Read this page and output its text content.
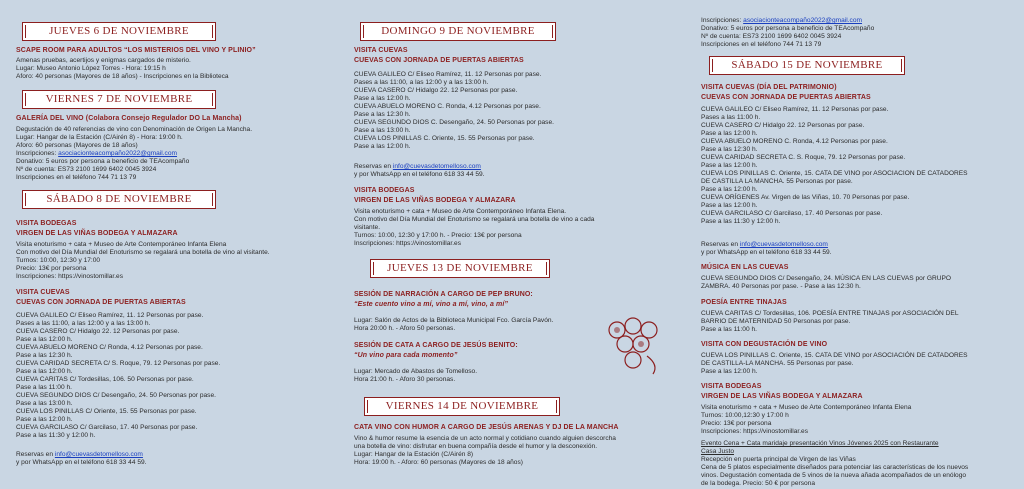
JUEVES 6 DE NOVIEMBRE
SCAPE ROOM PARA ADULTOS “LOS MISTERIOS DEL VINO Y PLINIO”
Amenas pruebas, acertijos y enigmas cargados de misterio.
Lugar: Museo Antonio López Torres - Hora: 19:15 h
Aforo: 40 personas (Mayores de 18 años) - Inscripciones en la Biblioteca
VIERNES 7 DE NOVIEMBRE
GALERÍA DEL VINO (Colabora Consejo Regulador DO La Mancha)
Degustación de 40 referencias de vino con Denominación de Origen La Mancha.
Lugar: Hangar de la Estación (C/Airén 8) - Hora: 19:00 h.
Aforo: 60 personas (Mayores de 18 años)
Inscripciones: asociacionteacompaño2022@gmail.com
Donativo: 5 euros por persona a beneficio de TEAcompaño
Nº de cuenta: ES73 2100 1699 6402 0045 3924
Inscripciones en el teléfono 744 71 13 79
SÁBADO 8 DE NOVIEMBRE
VISITA BODEGAS
VIRGEN DE LAS VIÑAS BODEGA Y ALMAZARA
Visita enoturismo + cata + Museo de Arte Contemporáneo Infanta Elena
Con motivo del Día Mundial del Enoturismo se regalará una botella de vino al visitante.
Turnos: 10:00, 12:30 y 17:00
Precio: 13€ por persona
Inscripciones: https://vinostomillar.es
VISITA CUEVAS
CUEVAS CON JORNADA DE PUERTAS ABIERTAS
CUEVA GALILEO C/ Eliseo Ramírez, 11. 12 Personas por pase.
Pases a las 11:00, a las 12:00 y a las 13:00 h.
CUEVA CASERO C/ Hidalgo 22. 12 Personas por pase.
Pase a las 12:00 h.
CUEVA ABUELO MORENO C/ Ronda, 4.12 Personas por pase.
Pase a las 12:30 h.
CUEVA CARIDAD SECRETA C/ S. Roque, 79. 12 Personas por pase.
Pase a las 12:00 h.
CUEVA CARITAS C/ Tordesillas, 106. 50 Personas por pase.
Pase a las 11:00 h.
CUEVA SEGUNDO DIOS C/ Desengaño, 24. 50 Personas por pase.
Pase a las 13:00 h.
CUEVA LOS PINILLAS C/ Oriente, 15. 55 Personas por pase.
Pase a las 12:00 h.
CUEVA GARCILASO C/ Garcilaso, 17. 40 Personas por pase.
Pase a las 11:30 y 12:00 h.
Reservas en info@cuevasdetomelloso.com
y por WhatsApp en el teléfono 618 33 44 59.
DOMINGO 9 DE NOVIEMBRE
VISITA CUEVAS
CUEVAS CON JORNADA DE PUERTAS ABIERTAS
CUEVA GALILEO C/ Eliseo Ramírez, 11. 12 Personas por pase.
Pases a las 11:00, a las 12:00 y a las 13:00 h.
CUEVA CASERO C/ Hidalgo 22. 12 Personas por pase.
Pase a las 12:00 h.
CUEVA ABUELO MORENO C. Ronda, 4.12 Personas por pase.
Pase a las 12:30 h.
CUEVA SEGUNDO DIOS C. Desengaño, 24. 50 Personas por pase.
Pase a las 13:00 h.
CUEVA LOS PINILLAS C. Oriente, 15. 55 Personas por pase.
Pase a las 12:00 h.
Reservas en info@cuevasdetomelloso.com
y por WhatsApp en el teléfono 618 33 44 59.
VISITA BODEGAS
VIRGEN DE LAS VIÑAS BODEGA Y ALMAZARA
Visita enoturismo + cata + Museo de Arte Contemporáneo Infanta Elena.
Con motivo del Día Mundial del Enoturismo se regalará una botella de vino a cada
visitante.
Turnos: 10:00, 12:30 y 17:00 h. - Precio: 13€ por persona
Inscripciones: https://vinostomillar.es
JUEVES 13 DE NOVIEMBRE
SESIÓN DE NARRACIÓN A CARGO DE PEP BRUNO:
“Este cuento vino a mí, vino a mí, vino, a mí”
Lugar: Salón de Actos de la Biblioteca Municipal Fco. García Pavón.
Hora 20:00 h. - Aforo 50 personas.
SESIÓN DE CATA A CARGO DE JESÚS BENITO:
“Un vino para cada momento”
Lugar: Mercado de Abastos de Tomelloso.
Hora 21:00 h. - Aforo 30 personas.
VIERNES 14 DE NOVIEMBRE
CATA VINO CON HUMOR A CARGO DE JESÚS ARENAS Y DJ DE LA MANCHA
Vino & humor resume la esencia de un acto normal y cotidiano cuando alguien descorcha
una botella de vino: disfrutar en buena compañía desde el humor y la desconexión.
Lugar: Hangar de la Estación (C/Airén 8)
Hora: 19:00 h. - Aforo: 60 personas (Mayores de 18 años)
Inscripciones: asociacionteacompaño2022@gmail.com
Donativo: 5 euros por persona a beneficio de TEAcompaño
Nº de cuenta: ES73 2100 1699 6402 0045 3924
Inscripciones en el teléfono 744 71 13 79
SÁBADO 15 DE NOVIEMBRE
VISITA CUEVAS (DÍA DEL PATRIMONIO)
CUEVAS CON JORNADA DE PUERTAS ABIERTAS
CUEVA GALILEO C/ Eliseo Ramírez, 11. 12 Personas por pase.
Pases a las 11:00 h.
CUEVA CASERO C/ Hidalgo 22. 12 Personas por pase.
Pase a las 12:00 h.
CUEVA ABUELO MORENO C. Ronda, 4.12 Personas por pase.
Pase a las 12:30 h.
CUEVA CARIDAD SECRETA C. S. Roque, 79. 12 Personas por pase.
Pase a las 12:00 h.
CUEVA LOS PINILLAS C. Oriente, 15. CATA DE VINO por ASOCIACION DE CATADORES
DE CASTILLA LA MANCHA. 55 Personas por pase.
Pase a las 12:00 h.
CUEVA ORÍGENES Av. Virgen de las Viñas, 10. 70 Personas por pase.
Pase a las 12:00 h.
CUEVA GARCILASO C/ Garcilaso, 17. 40 Personas por pase.
Pase a las 11:30 y 12:00 h.
Reservas en info@cuevasdetomelloso.com
y por WhatsApp en el teléfono 618 33 44 59.
MÚSICA EN LAS CUEVAS
CUEVA SEGUNDO DIOS C/ Desengaño, 24. MÚSICA EN LAS CUEVAS por GRUPO
ZAMBRA. 40 Personas por pase. - Pase a las 12:30 h.
POESÍA ENTRE TINAJAS
CUEVA CARITAS C/ Tordesillas, 106. POESÍA ENTRE TINAJAS por ASOCIACIÓN DEL
BARRIO DE MATERNIDAD 50 Personas por pase.
Pase a las 11:00 h.
VISITA CON DEGUSTACIÓN DE VINO
CUEVA LOS PINILLAS C. Oriente, 15. CATA DE VINO por ASOCIACIÓN DE CATADORES
DE CASTILLA-LA MANCHA. 55 Personas por pase.
Pase a las 12:00 h.
VISITA BODEGAS
VIRGEN DE LAS VIÑAS BODEGA Y ALMAZARA
Visita enoturismo + cata + Museo de Arte Contemporáneo Infanta Elena
Turnos: 10:00,12:30 y 17:00 h
Precio: 13€ por persona
Inscripciones: https://vinostomillar.es
Evento Cena + Cata maridaje presentación Vinos Jóvenes 2025 con Restaurante
Casa Justo
Recepción en puerta principal de Virgen de las Viñas
Cena de 5 platos especialmente diseñados para potenciar las características de los nuevos
vinos. Degustación comentada de 5 vinos de la nueva añada acompañados de un enólogo
de la bodega. Precio: 50 € por persona
